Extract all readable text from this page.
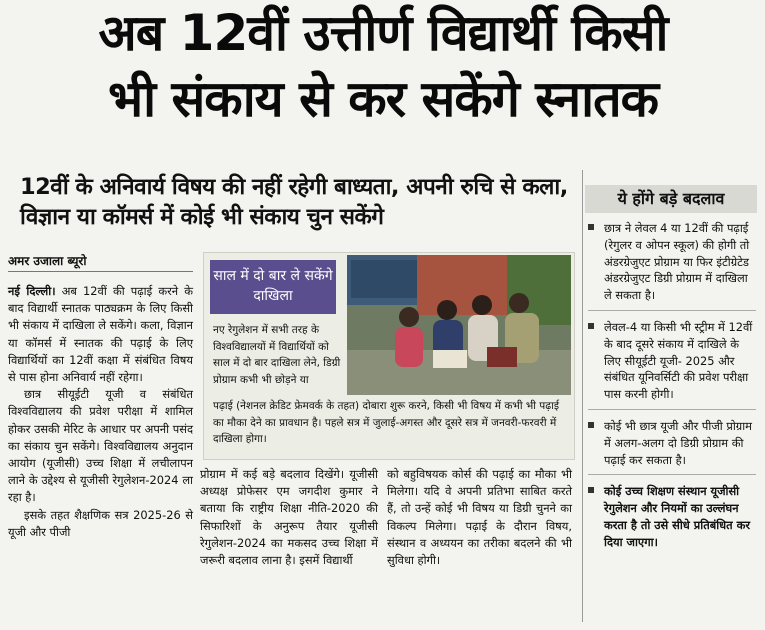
अब 12वीं उत्तीर्ण विद्यार्थी किसी
भी संकाय से कर सकेंगे स्नातक
12वीं के अनिवार्य विषय की नहीं रहेगी बाध्यता, अपनी रुचि से कला, विज्ञान या कॉमर्स में कोई भी संकाय चुन सकेंगे
ये होंगे बड़े बदलाव
अमर उजाला ब्यूरो

नई दिल्ली। अब 12वीं की पढ़ाई करने के बाद विद्यार्थी स्नातक पाठ्यक्रम के लिए किसी भी संकाय में दाखिला ले सकेंगे। कला, विज्ञान या कॉमर्स में स्नातक की पढ़ाई के लिए विद्यार्थियों का 12वीं कक्षा में संबंधित विषय से पास होना अनिवार्य नहीं रहेगा।

छात्र सीयूईटी यूजी व संबंधित विश्वविद्यालय की प्रवेश परीक्षा में शामिल होकर उसकी मेरिट के आधार पर अपनी पसंद का संकाय चुन सकेंगे। विश्वविद्यालय अनुदान आयोग (यूजीसी) उच्च शिक्षा में लचीलापन लाने के उद्देश्य से यूजीसी रेगुलेशन-2024 ला रहा है।

इसके तहत शैक्षणिक सत्र 2025-26 से यूजी और पीजी

साल में दो बार ले सकेंगे दाखिला
नए रेगुलेशन में सभी तरह के विश्वविद्यालयों में विद्यार्थियों को साल में दो बार दाखिला लेने, डिग्री प्रोग्राम कभी भी छोड़ने या
पढ़ाई (नेशनल क्रेडिट फ्रेमवर्क के तहत) दोबारा शुरू करने, किसी भी विषय में कभी भी पढ़ाई का मौका देने का प्रावधान है। पहले सत्र में जुलाई-अगस्त और दूसरे सत्र में जनवरी-फरवरी में दाखिला होगा।
प्रोग्राम में कई बड़े बदलाव दिखेंगे। यूजीसी अध्यक्ष प्रोफेसर एम जगदीश कुमार ने बताया कि राष्ट्रीय शिक्षा नीति-2020 की सिफारिशों के अनुरूप तैयार यूजीसी रेगुलेशन-2024 का मकसद उच्च शिक्षा में जरूरी बदलाव लाना है। इसमें विद्यार्थी
को बहुविषयक कोर्स की पढ़ाई का मौका भी मिलेगा। यदि वे अपनी प्रतिभा साबित करते हैं, तो उन्हें कोई भी विषय या डिग्री चुनने का विकल्प मिलेगा। पढ़ाई के दौरान विषय, संस्थान व अध्ययन का तरीका बदलने की भी सुविधा होगी।
छात्र ने लेवल 4 या 12वीं की पढ़ाई (रेगुलर व ओपन स्कूल) की होगी तो अंडरग्रेजुएट प्रोग्राम या फिर इंटीग्रेटेड अंडरग्रेजुएट डिग्री प्रोग्राम में दाखिला ले सकता है।
लेवल-4 या किसी भी स्ट्रीम में 12वीं के बाद दूसरे संकाय में दाखिले के लिए सीयूईटी यूजी- 2025 और संबंधित यूनिवर्सिटी की प्रवेश परीक्षा पास करनी होगी।
कोई भी छात्र यूजी और पीजी प्रोग्राम में अलग-अलग दो डिग्री प्रोग्राम की पढ़ाई कर सकता है।
कोई उच्च शिक्षण संस्थान यूजीसी रेगुलेशन और नियमों का उल्लंघन करता है तो उसे सीधे प्रतिबंधित कर दिया जाएगा।
